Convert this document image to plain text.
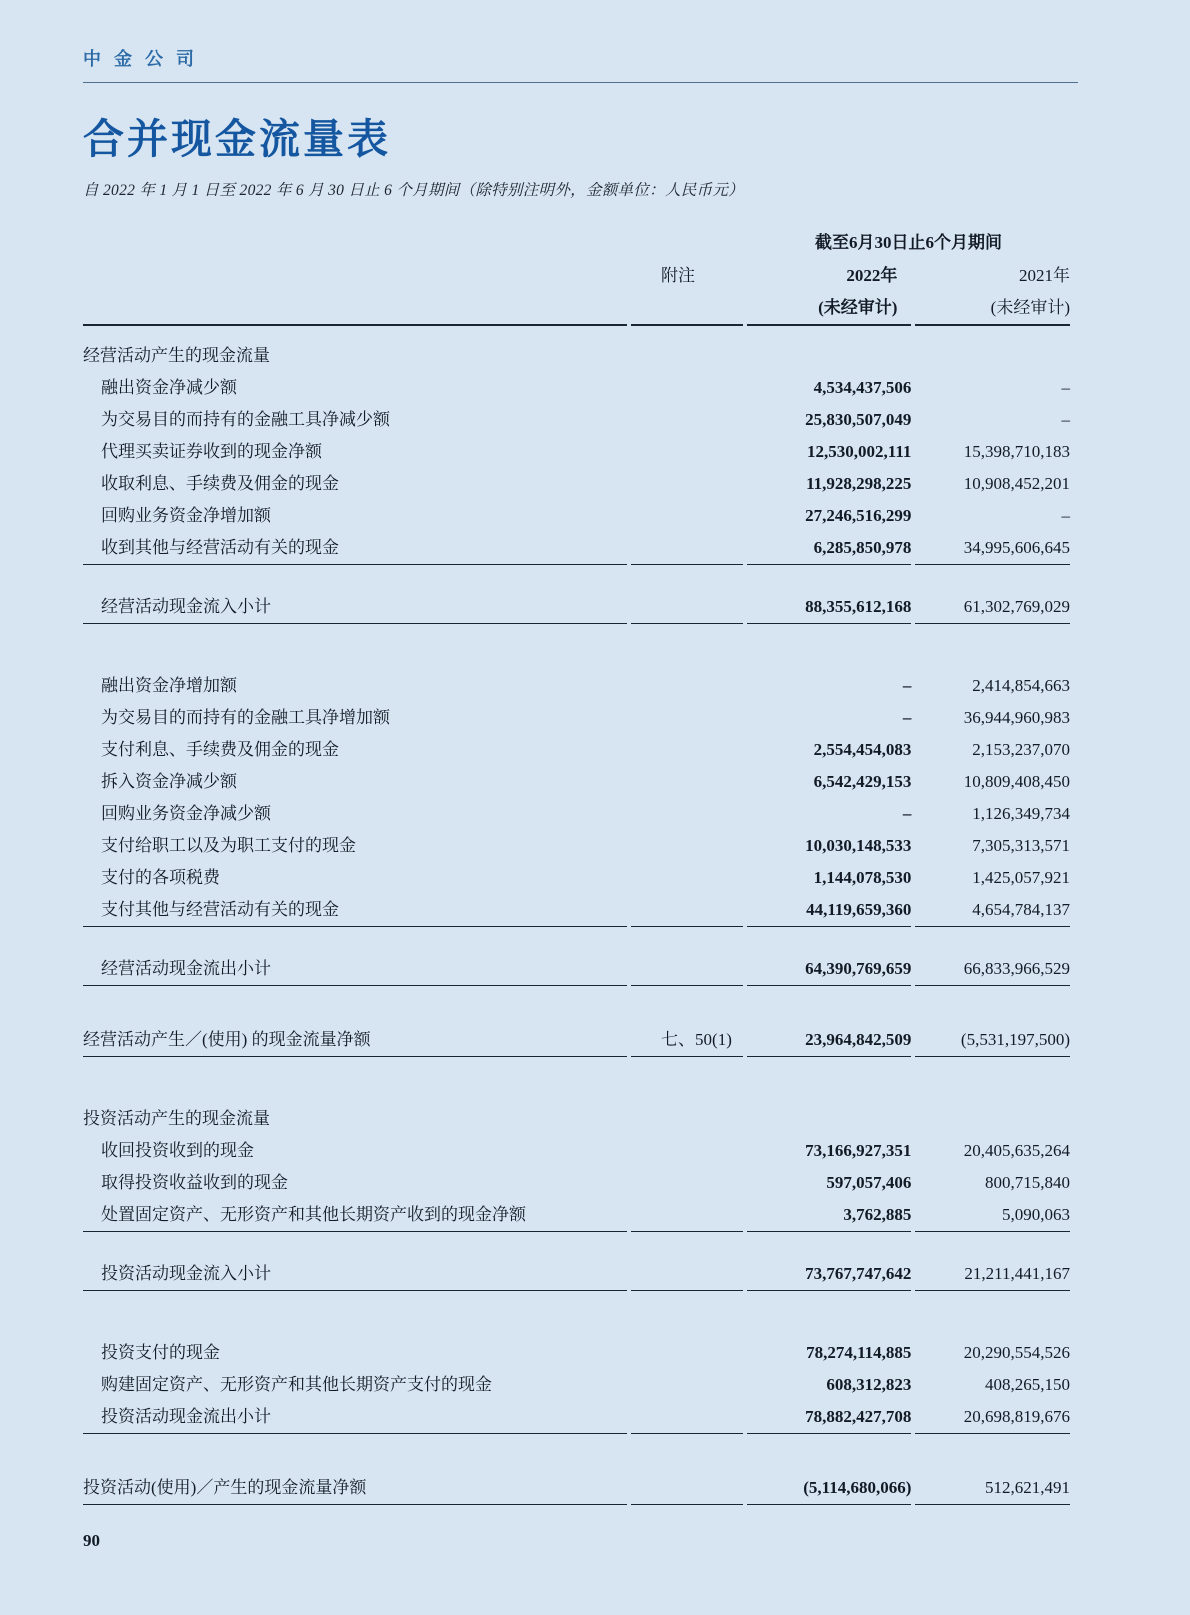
中金公司
合并现金流量表
自 2022 年 1 月 1 日至 2022 年 6 月 30 日止 6 个月期间（除特别注明外，金额单位：人民币元）
		截至6月30日止6个月期间	
	附注	2022年	2021年
		(未经审计)	(未经审计)

经营活动产生的现金流量			
融出资金净减少额		4,534,437,506	–
为交易目的而持有的金融工具净减少额		25,830,507,049	–
代理买卖证券收到的现金净额		12,530,002,111	15,398,710,183
收取利息、手续费及佣金的现金		11,928,298,225	10,908,452,201
回购业务资金净增加额		27,246,516,299	–
收到其他与经营活动有关的现金		6,285,850,978	34,995,606,645

经营活动现金流入小计		88,355,612,168	61,302,769,029

融出资金净增加额		–	2,414,854,663
为交易目的而持有的金融工具净增加额		–	36,944,960,983
支付利息、手续费及佣金的现金		2,554,454,083	2,153,237,070
拆入资金净减少额		6,542,429,153	10,809,408,450
回购业务资金净减少额		–	1,126,349,734
支付给职工以及为职工支付的现金		10,030,148,533	7,305,313,571
支付的各项税费		1,144,078,530	1,425,057,921
支付其他与经营活动有关的现金		44,119,659,360	4,654,784,137

经营活动现金流出小计		64,390,769,659	66,833,966,529

经营活动产生／(使用) 的现金流量净额	七、50(1)	23,964,842,509	(5,531,197,500)

投资活动产生的现金流量			
收回投资收到的现金		73,166,927,351	20,405,635,264
取得投资收益收到的现金		597,057,406	800,715,840
处置固定资产、无形资产和其他长期资产收到的现金净额		3,762,885	5,090,063

投资活动现金流入小计		73,767,747,642	21,211,441,167

投资支付的现金		78,274,114,885	20,290,554,526
购建固定资产、无形资产和其他长期资产支付的现金		608,312,823	408,265,150
投资活动现金流出小计		78,882,427,708	20,698,819,676

投资活动(使用)／产生的现金流量净额		(5,114,680,066)	512,621,491
90
